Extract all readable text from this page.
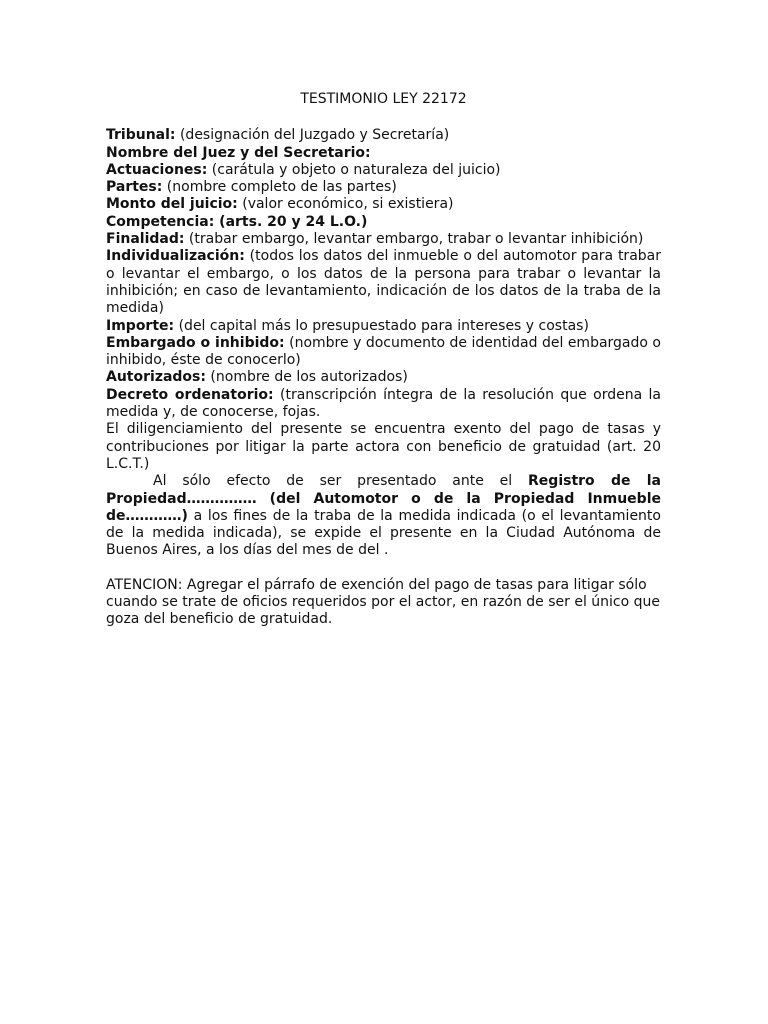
TESTIMONIO LEY 22172

Tribunal: (designación del Juzgado y Secretaría)

Nombre del Juez y del Secretario:

Actuaciones: (carátula y objeto o naturaleza del juicio)

Partes: (nombre completo de las partes)

Monto del juicio: (valor económico, si existiera)

Competencia: (arts. 20 y 24 L.O.)

Finalidad: (trabar embargo, levantar embargo, trabar o levantar inhibición)

Individualización: (todos los datos del inmueble o del automotor para trabar o levantar el embargo, o los datos de la persona para trabar o levantar la inhibición; en caso de levantamiento, indicación de los datos de la traba de la medida)

Importe: (del capital más lo presupuestado para intereses y costas)

Embargado o inhibido: (nombre y documento de identidad del embargado o inhibido, éste de conocerlo)

Autorizados: (nombre de los autorizados)

Decreto ordenatorio: (transcripción íntegra de la resolución que ordena la medida y, de conocerse, fojas.

El diligenciamiento del presente se encuentra exento del pago de tasas y contribuciones por litigar la parte actora con beneficio de gratuidad (art. 20 L.C.T.)

Al sólo efecto de ser presentado ante el Registro de la Propiedad…………… (del Automotor o de la Propiedad Inmueble de…………) a los fines de la traba de la medida indicada (o el levantamiento de la medida indicada), se expide el presente en la Ciudad Autónoma de Buenos Aires, a los días del mes de del .

ATENCION: Agregar el párrafo de exención del pago de tasas para litigar sólo cuando se trate de oficios requeridos por el actor, en razón de ser el único que goza del beneficio de gratuidad.
